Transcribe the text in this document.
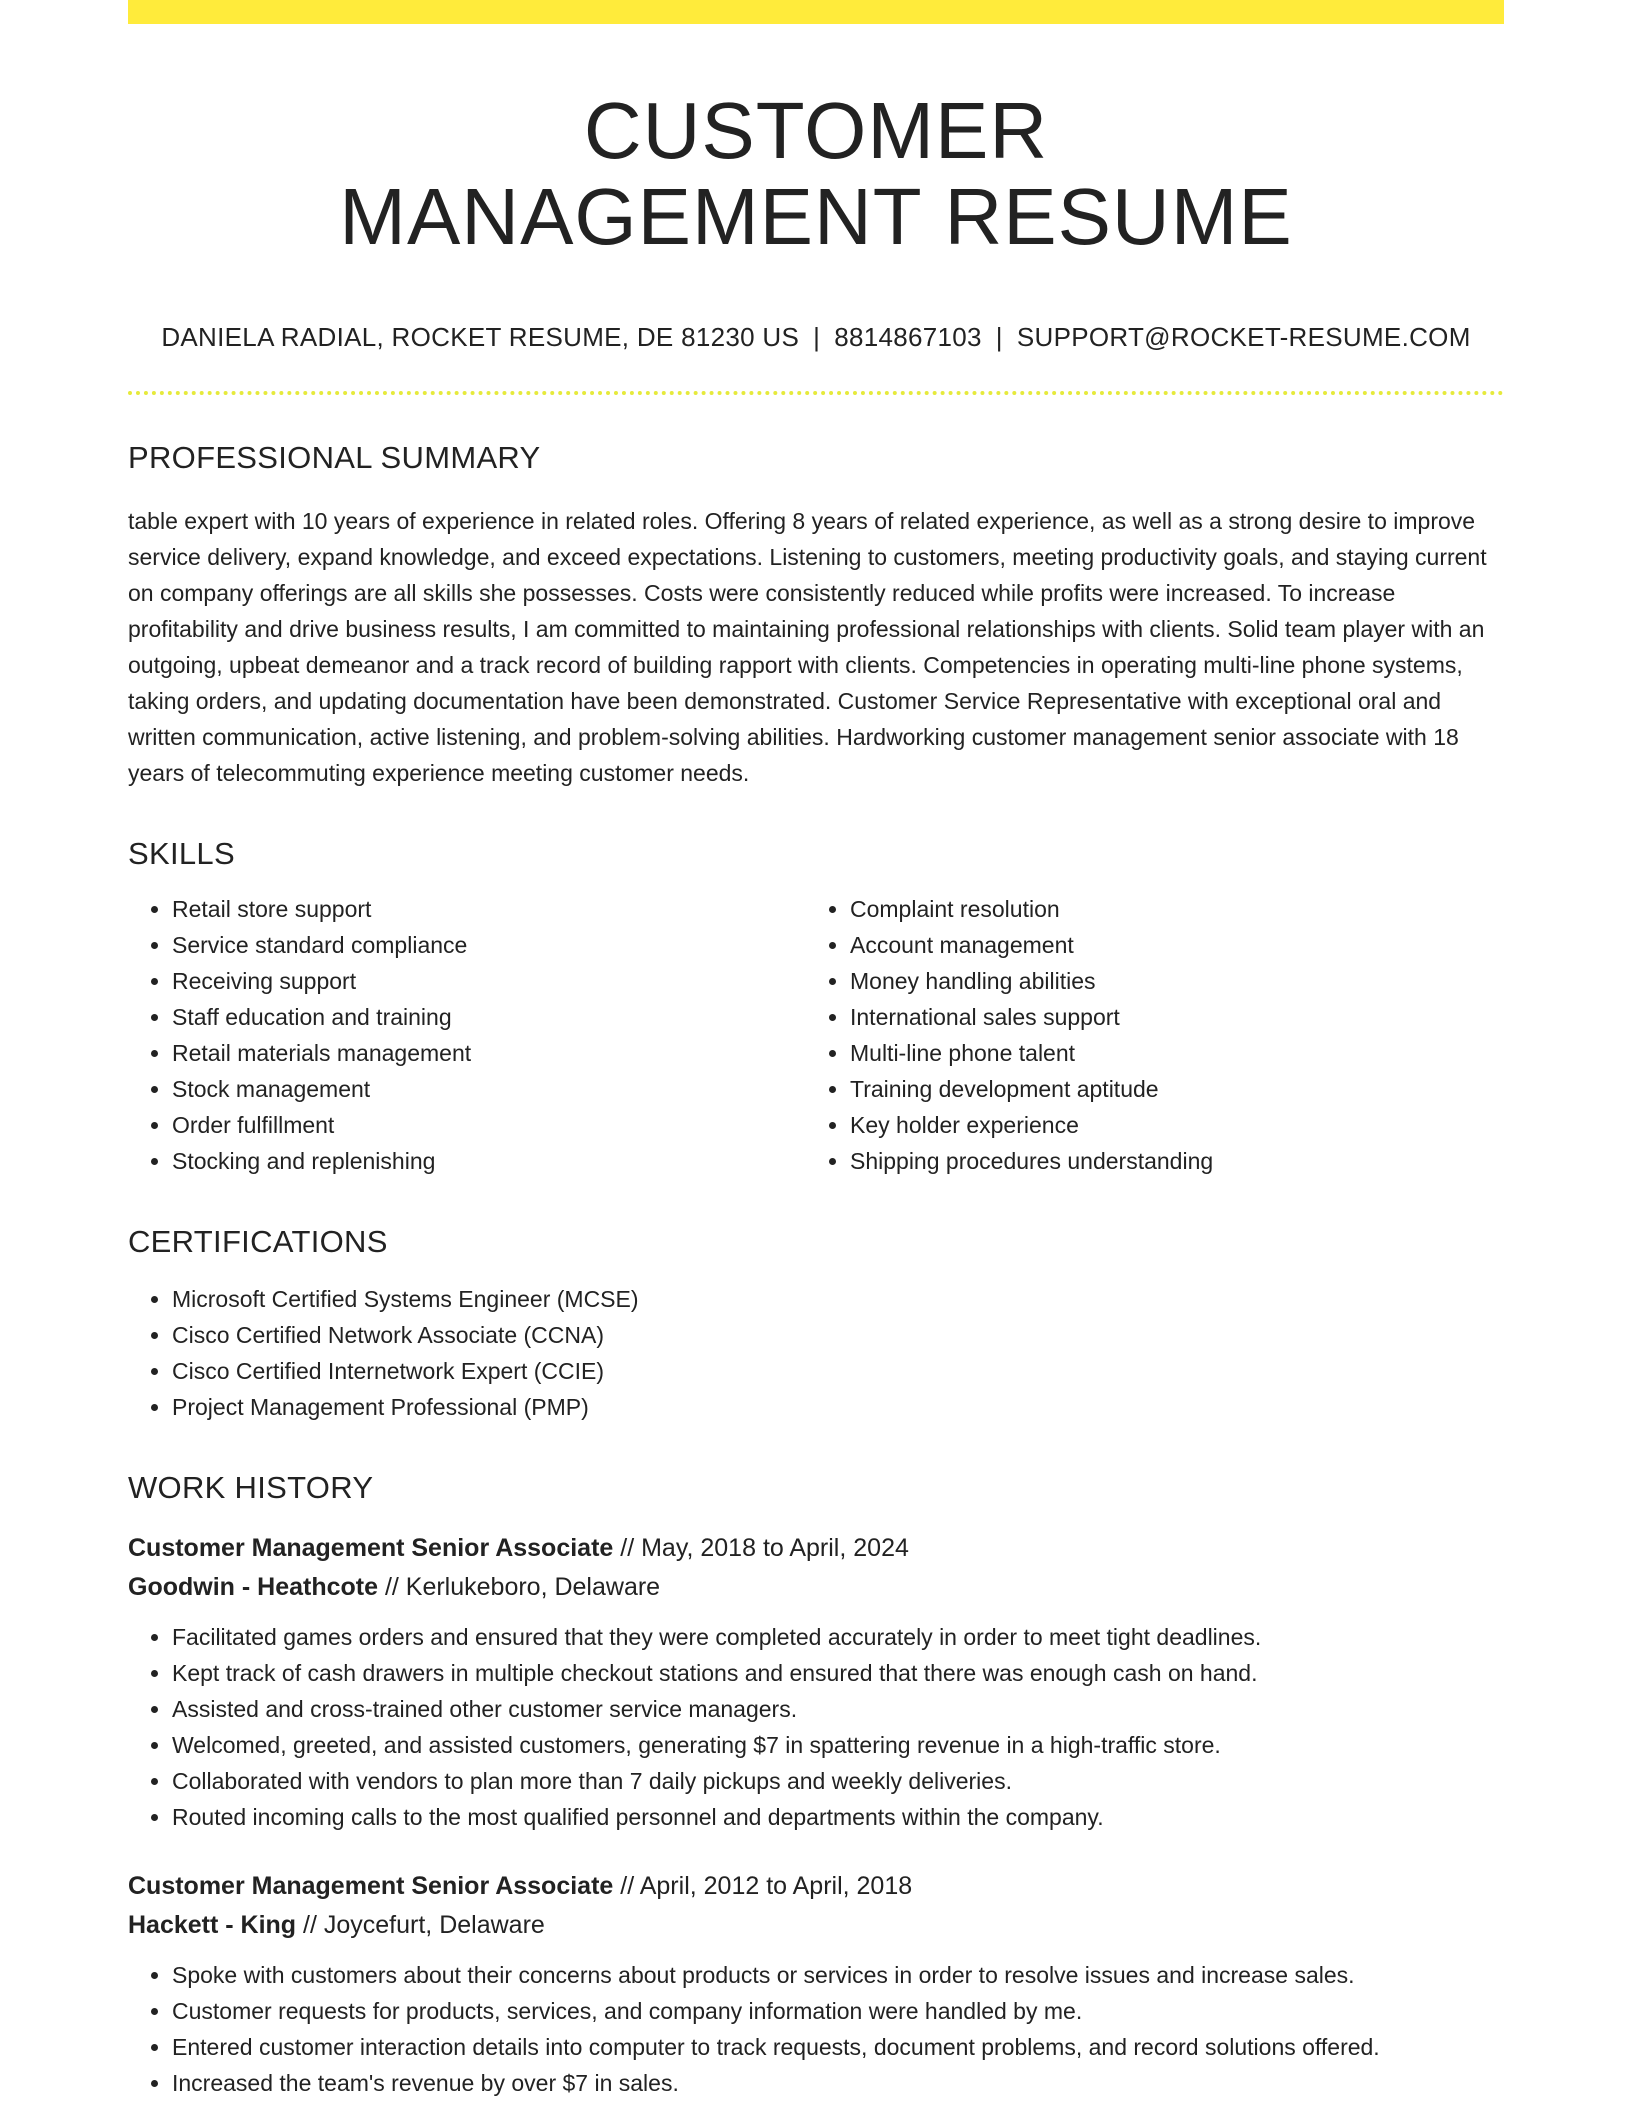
CUSTOMER
MANAGEMENT RESUME
DANIELA RADIAL, ROCKET RESUME, DE 81230 US | 8814867103 | SUPPORT@ROCKET-RESUME.COM
PROFESSIONAL SUMMARY

table expert with 10 years of experience in related roles. Offering 8 years of related experience, as well as a strong desire to improve service delivery, expand knowledge, and exceed expectations. Listening to customers, meeting productivity goals, and staying current on company offerings are all skills she possesses. Costs were consistently reduced while profits were increased. To increase profitability and drive business results, I am committed to maintaining professional relationships with clients. Solid team player with an outgoing, upbeat demeanor and a track record of building rapport with clients. Competencies in operating multi-line phone systems, taking orders, and updating documentation have been demonstrated. Customer Service Representative with exceptional oral and written communication, active listening, and problem-solving abilities. Hardworking customer management senior associate with 18 years of telecommuting experience meeting customer needs.

SKILLS
• Retail store support
• Service standard compliance
• Receiving support
• Staff education and training
• Retail materials management
• Stock management
• Order fulfillment
• Stocking and replenishing
• Complaint resolution
• Account management
• Money handling abilities
• International sales support
• Multi-line phone talent
• Training development aptitude
• Key holder experience
• Shipping procedures understanding
CERTIFICATIONS
• Microsoft Certified Systems Engineer (MCSE)
• Cisco Certified Network Associate (CCNA)
• Cisco Certified Internetwork Expert (CCIE)
• Project Management Professional (PMP)
WORK HISTORY

Customer Management Senior Associate // May, 2018 to April, 2024

Goodwin - Heathcote // Kerlukeboro, Delaware

• Facilitated games orders and ensured that they were completed accurately in order to meet tight deadlines.
• Kept track of cash drawers in multiple checkout stations and ensured that there was enough cash on hand.
• Assisted and cross-trained other customer service managers.
• Welcomed, greeted, and assisted customers, generating $7 in spattering revenue in a high-traffic store.
• Collaborated with vendors to plan more than 7 daily pickups and weekly deliveries.
• Routed incoming calls to the most qualified personnel and departments within the company.

Customer Management Senior Associate // April, 2012 to April, 2018

Hackett - King // Joycefurt, Delaware

• Spoke with customers about their concerns about products or services in order to resolve issues and increase sales.
• Customer requests for products, services, and company information were handled by me.
• Entered customer interaction details into computer to track requests, document problems, and record solutions offered.
• Increased the team's revenue by over $7 in sales.
